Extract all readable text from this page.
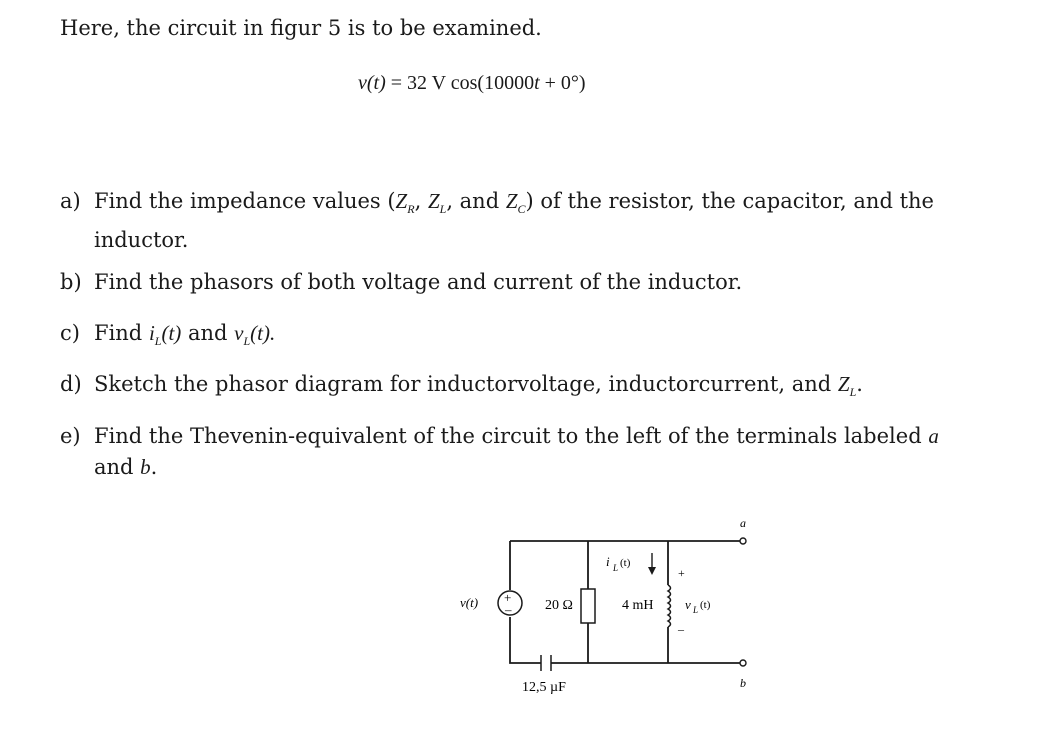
Here, the circuit in figur 5 is to be examined.
v(t) = 32 V cos(10000t + 0°)
a) Find the impedance values ($Z_R$, $Z_L$, and $Z_C$) of the resistor, the capacitor, and the
inductor.
b) Find the phasors of both voltage and current of the inductor.
c) Find $i_L(t)$ and $v_L(t)$.
d) Sketch the phasor diagram for inductorvoltage, inductorcurrent, and $Z_L$.
e) Find the Thevenin-equivalent of the circuit to the left of the terminals labeled a
and b.
+
–
v(t)
12,5 µF
20 Ω	4 mH
i L (t)
+
v L (t)
–
a
b
